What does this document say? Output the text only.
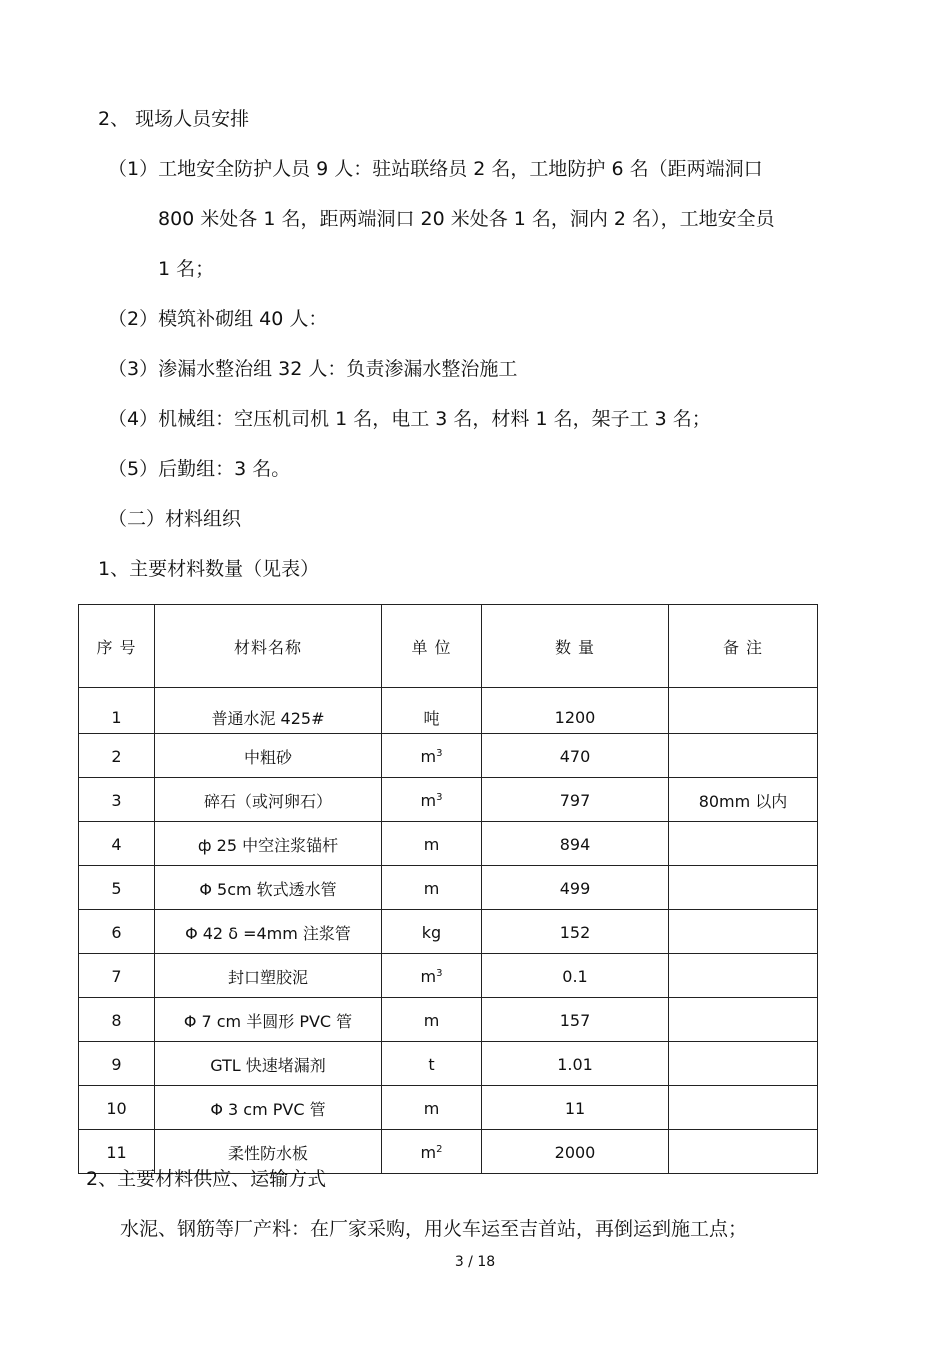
2、 现场人员安排
（1）工地安全防护人员 9 人：驻站联络员 2 名，工地防护 6 名（距两端洞口
800 米处各 1 名，距两端洞口 20 米处各 1 名，洞内 2 名），工地安全员
1 名；
（2）模筑补砌组 40 人：
（3）渗漏水整治组 32 人：负责渗漏水整治施工
（4）机械组：空压机司机 1 名，电工 3 名，材料 1 名，架子工 3 名；
（5）后勤组：3 名。
（二）材料组织
1、主要材料数量（见表）
序 号	材料名称	单 位	数 量	备 注
1	普通水泥 425#	吨	1200	
2	中粗砂	$m^3$	470	
3	碎石（或河卵石）	$m^3$	797	80mm 以内
4	ф 25 中空注浆锚杆	m	894	
5	Φ 5cm 软式透水管	m	499	
6	Φ 42 δ =4mm 注浆管	kg	152	
7	封口塑胶泥	$m^3$	0.1	
8	Φ 7 cm 半圆形 PVC 管	m	157	
9	GTL 快速堵漏剂	t	1.01	
10	Φ 3 cm PVC 管	m	11	
11	柔性防水板	$m^2$	2000	
2、主要材料供应、运输方式
水泥、钢筋等厂产料：在厂家采购，用火车运至吉首站，再倒运到施工点；
3 / 18
